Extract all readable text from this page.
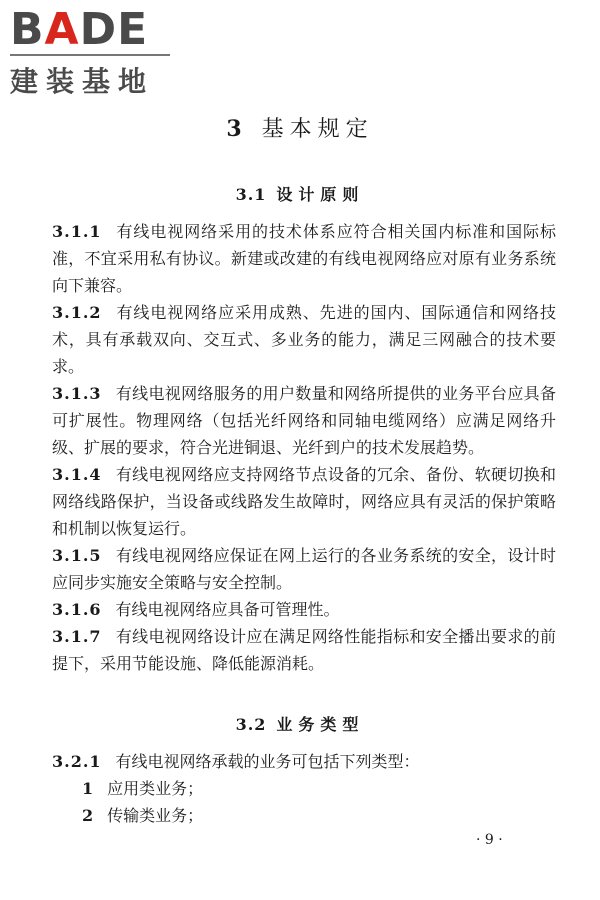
BADE
建装基地
3 基本规定
3.1 设计原则

3.1.1 有线电视网络采用的技术体系应符合相关国内标准和国际标准，不宜采用私有协议。新建或改建的有线电视网络应对原有业务系统向下兼容。

3.1.2 有线电视网络应采用成熟、先进的国内、国际通信和网络技术，具有承载双向、交互式、多业务的能力，满足三网融合的技术要求。

3.1.3 有线电视网络服务的用户数量和网络所提供的业务平台应具备可扩展性。物理网络（包括光纤网络和同轴电缆网络）应满足网络升级、扩展的要求，符合光进铜退、光纤到户的技术发展趋势。

3.1.4 有线电视网络应支持网络节点设备的冗余、备份、软硬切换和网络线路保护，当设备或线路发生故障时，网络应具有灵活的保护策略和机制以恢复运行。

3.1.5 有线电视网络应保证在网上运行的各业务系统的安全，设计时应同步实施安全策略与安全控制。

3.1.6 有线电视网络应具备可管理性。

3.1.7 有线电视网络设计应在满足网络性能指标和安全播出要求的前提下，采用节能设施、降低能源消耗。

3.2 业务类型

3.2.1 有线电视网络承载的业务可包括下列类型：

1 应用类业务；

2 传输类业务；

· 9 ·
